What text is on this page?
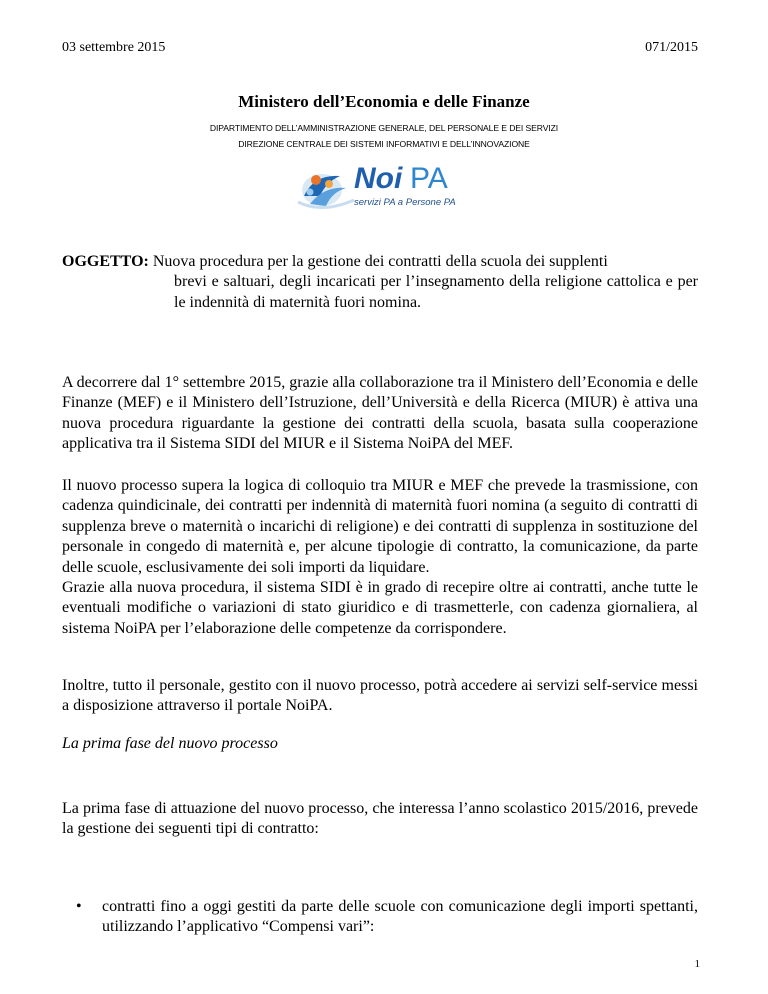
03 settembre 2015	071/2015
Ministero dell’Economia e delle Finanze
DIPARTIMENTO DELL’AMMINISTRAZIONE GENERALE, DEL PERSONALE E DEI SERVIZI
DIREZIONE CENTRALE DEI SISTEMI INFORMATIVI E DELL’INNOVAZIONE
Noi PA
servizi PA a Persone PA
OGGETTO: Nuova procedura per la gestione dei contratti della scuola dei supplenti
brevi e saltuari, degli incaricati per l’insegnamento della religione cattolica e per le indennità di maternità fuori nomina.
A decorrere dal 1° settembre 2015, grazie alla collaborazione tra il Ministero dell’Economia e delle Finanze (MEF) e il Ministero dell’Istruzione, dell’Università e della Ricerca (MIUR) è attiva una nuova procedura riguardante la gestione dei contratti della scuola, basata sulla cooperazione applicativa tra il Sistema SIDI del MIUR e il Sistema NoiPA del MEF.

Il nuovo processo supera la logica di colloquio tra MIUR e MEF che prevede la trasmissione, con cadenza quindicinale, dei contratti per indennità di maternità fuori nomina (a seguito di contratti di supplenza breve o maternità o incarichi di religione) e dei contratti di supplenza in sostituzione del personale in congedo di maternità e, per alcune tipologie di contratto, la comunicazione, da parte delle scuole, esclusivamente dei soli importi da liquidare.

Grazie alla nuova procedura, il sistema SIDI è in grado di recepire oltre ai contratti, anche tutte le eventuali modifiche o variazioni di stato giuridico e di trasmetterle, con cadenza giornaliera, al sistema NoiPA per l’elaborazione delle competenze da corrispondere.

Inoltre, tutto il personale, gestito con il nuovo processo, potrà accedere ai servizi self-service messi a disposizione attraverso il portale NoiPA.
La prima fase del nuovo processo
La prima fase di attuazione del nuovo processo, che interessa l’anno scolastico 2015/2016, prevede la gestione dei seguenti tipi di contratto:
• contratti fino a oggi gestiti da parte delle scuole con comunicazione degli importi spettanti, utilizzando l’applicativo “Compensi vari”:
1
